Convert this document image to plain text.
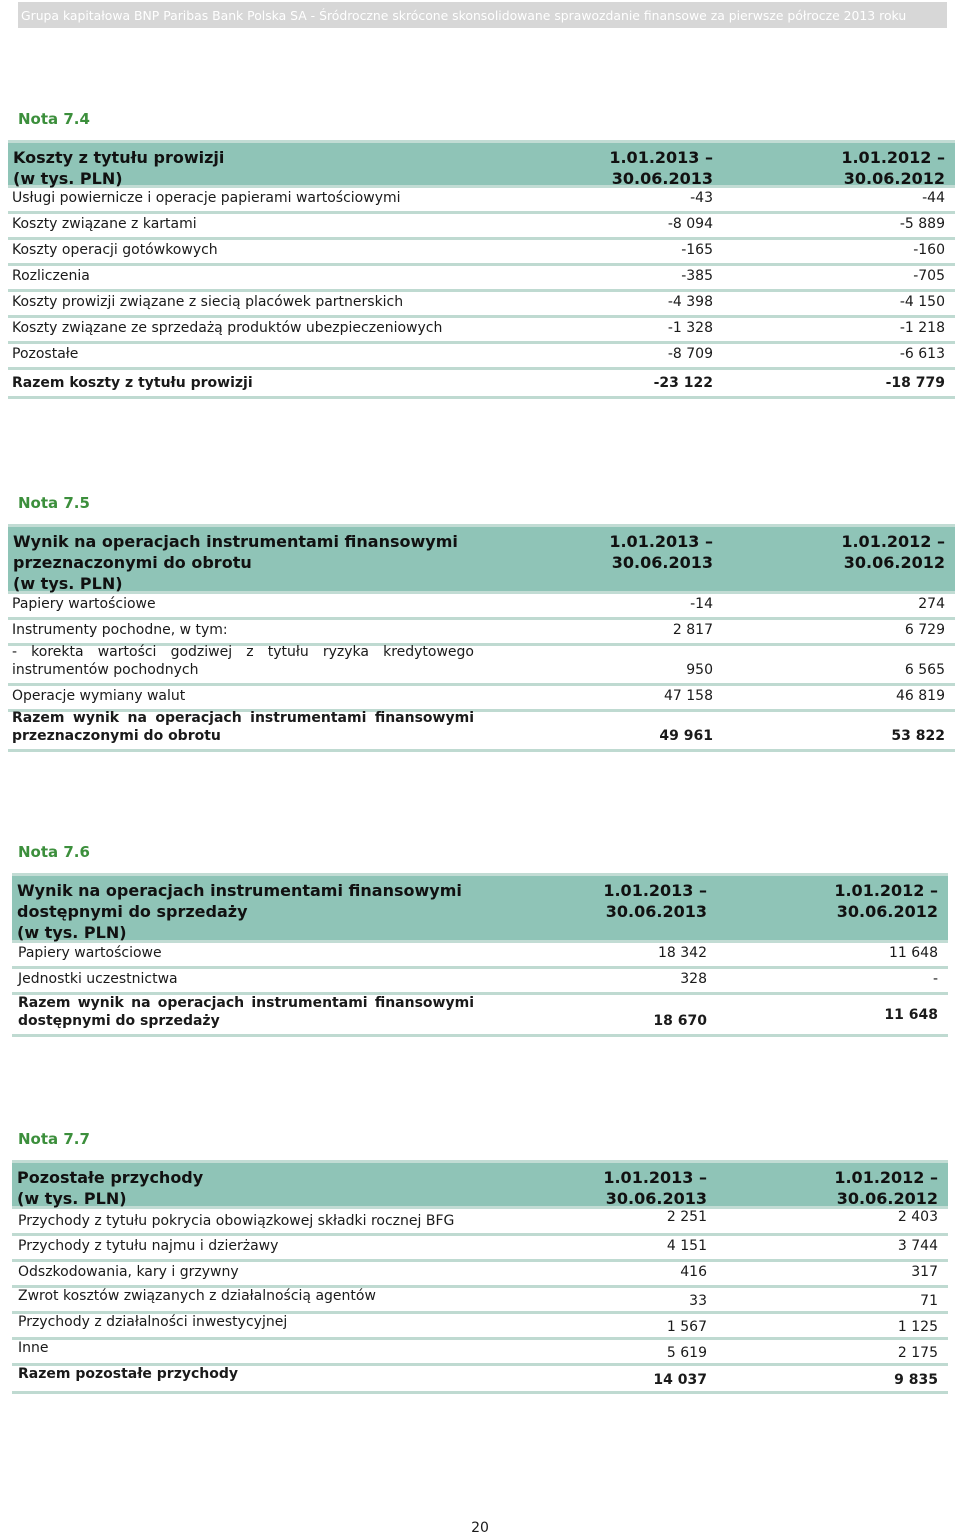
Grupa kapitałowa BNP Paribas Bank Polska SA - Śródroczne skrócone skonsolidowane sprawozdanie finansowe za pierwsze półrocze 2013 roku
Nota 7.4
Koszty z tytułu prowizji
(w tys. PLN)
1.01.2013 –
30.06.2013
1.01.2012 –
30.06.2012
Usługi powiernicze i operacje papierami wartościowymi	-43	-44
Koszty związane z kartami	-8 094	-5 889
Koszty operacji gotówkowych	-165	-160
Rozliczenia	-385	-705
Koszty prowizji związane z siecią placówek partnerskich	-4 398	-4 150
Koszty związane ze sprzedażą produktów ubezpieczeniowych	-1 328	-1 218
Pozostałe	-8 709	-6 613
Razem koszty z tytułu prowizji	-23 122	-18 779
Nota 7.5
Wynik na operacjach instrumentami finansowymi
przeznaczonymi do obrotu
(w tys. PLN)
1.01.2013 –
30.06.2013
1.01.2012 –
30.06.2012
Papiery wartościowe	-14	274
Instrumenty pochodne, w tym:	2 817	6 729
- korekta wartości godziwej z tytułu ryzyka kredytowego instrumentów pochodnych	950	6 565
Operacje wymiany walut	47 158	46 819
Razem wynik na operacjach instrumentami finansowymi przeznaczonymi do obrotu	49 961	53 822
Nota 7.6
Wynik na operacjach instrumentami finansowymi
dostępnymi do sprzedaży
(w tys. PLN)
1.01.2013 –
30.06.2013
1.01.2012 –
30.06.2012
Papiery wartościowe	18 342	11 648
Jednostki uczestnictwa	328	-
Razem wynik na operacjach instrumentami finansowymi dostępnymi do sprzedaży	18 670	11 648
Nota 7.7
Pozostałe przychody
(w tys. PLN)
1.01.2013 –
30.06.2013
1.01.2012 –
30.06.2012
Przychody z tytułu pokrycia obowiązkowej składki rocznej BFG	2 251	2 403
Przychody z tytułu najmu i dzierżawy	4 151	3 744
Odszkodowania, kary i grzywny	416	317
Zwrot kosztów związanych z działalnością agentów	33	71
Przychody z działalności inwestycyjnej	1 567	1 125
Inne	5 619	2 175
Razem pozostałe przychody	14 037	9 835
20
